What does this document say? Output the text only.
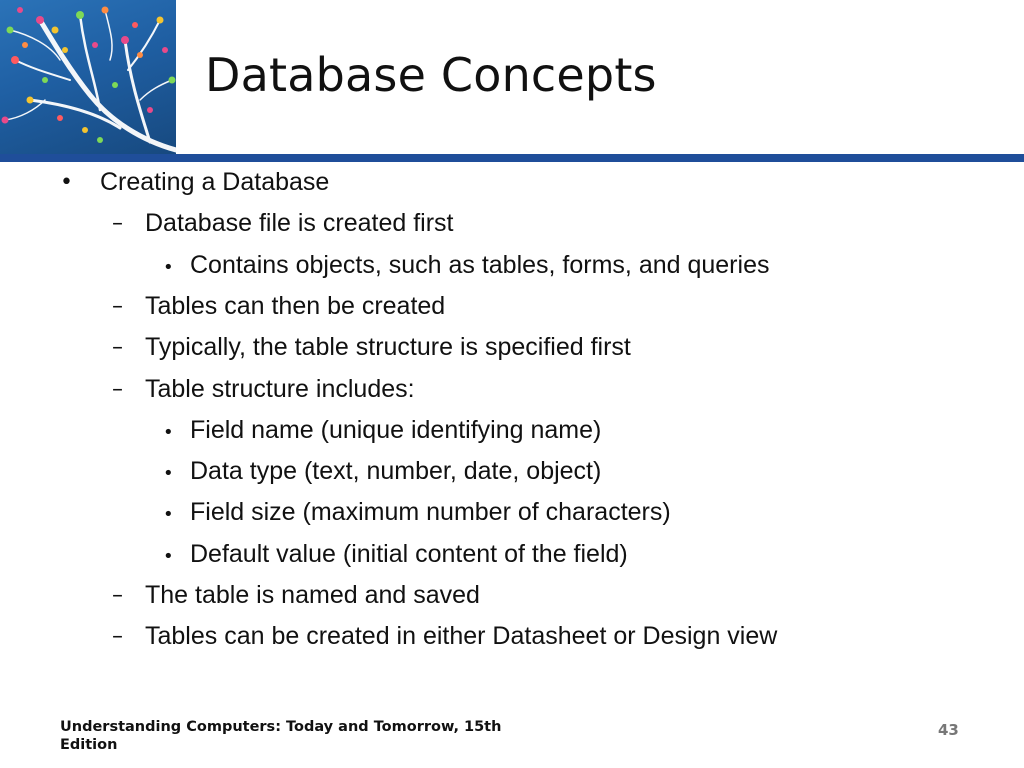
Database Concepts
• Creating a Database
– Database file is created first
• Contains objects, such as tables, forms, and queries
– Tables can then be created
– Typically, the table structure is specified first
– Table structure includes:
• Field name (unique identifying name)
• Data type (text, number, date, object)
• Field size (maximum number of characters)
• Default value (initial content of the field)
– The table is named and saved
– Tables can be created in either Datasheet or Design view
Understanding Computers: Today and Tomorrow, 15th Edition
43
